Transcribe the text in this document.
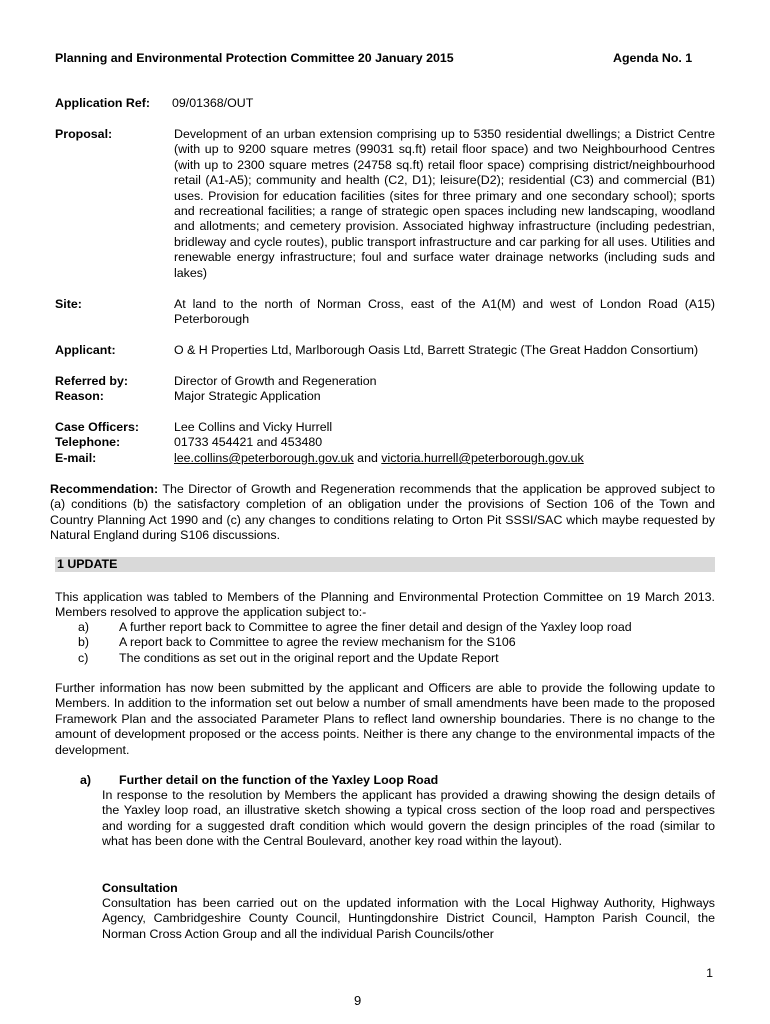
Planning and Environmental Protection Committee 20 January 2015	Agenda No. 1
Application Ref: 09/01368/OUT
Proposal:	Development of an urban extension comprising up to 5350 residential dwellings; a District Centre (with up to 9200 square metres (99031 sq.ft) retail floor space) and two Neighbourhood Centres (with up to 2300 square metres (24758 sq.ft) retail floor space) comprising district/neighbourhood retail (A1-A5); community and health (C2, D1); leisure(D2); residential (C3) and commercial (B1) uses. Provision for education facilities (sites for three primary and one secondary school); sports and recreational facilities; a range of strategic open spaces including new landscaping, woodland and allotments; and cemetery provision. Associated highway infrastructure (including pedestrian, bridleway and cycle routes), public transport infrastructure and car parking for all uses. Utilities and renewable energy infrastructure; foul and surface water drainage networks (including suds and lakes)
Site:	At land to the north of Norman Cross, east of the A1(M) and west of London Road (A15) Peterborough
Applicant:	O & H Properties Ltd, Marlborough Oasis Ltd, Barrett Strategic (The Great Haddon Consortium)
Referred by:	Director of Growth and Regeneration
Reason:	Major Strategic Application
Case Officers:	Lee Collins and Vicky Hurrell
Telephone:	01733 454421 and 453480
E-mail:	lee.collins@peterborough.gov.uk and victoria.hurrell@peterborough.gov.uk
Recommendation: The Director of Growth and Regeneration recommends that the application be approved subject to (a) conditions (b) the satisfactory completion of an obligation under the provisions of Section 106 of the Town and Country Planning Act 1990 and (c) any changes to conditions relating to Orton Pit SSSI/SAC which maybe requested by Natural England during S106 discussions.
1 UPDATE
This application was tabled to Members of the Planning and Environmental Protection Committee on 19 March 2013. Members resolved to approve the application subject to:-
a) A further report back to Committee to agree the finer detail and design of the Yaxley loop road
b) A report back to Committee to agree the review mechanism for the S106
c) The conditions as set out in the original report and the Update Report
Further information has now been submitted by the applicant and Officers are able to provide the following update to Members. In addition to the information set out below a number of small amendments have been made to the proposed Framework Plan and the associated Parameter Plans to reflect land ownership boundaries. There is no change to the amount of development proposed or the access points. Neither is there any change to the environmental impacts of the development.
a) Further detail on the function of the Yaxley Loop Road
In response to the resolution by Members the applicant has provided a drawing showing the design details of the Yaxley loop road, an illustrative sketch showing a typical cross section of the loop road and perspectives and wording for a suggested draft condition which would govern the design principles of the road (similar to what has been done with the Central Boulevard, another key road within the layout).
Consultation
Consultation has been carried out on the updated information with the Local Highway Authority, Highways Agency, Cambridgeshire County Council, Huntingdonshire District Council, Hampton Parish Council, the Norman Cross Action Group and all the individual Parish Councils/other
1
9
